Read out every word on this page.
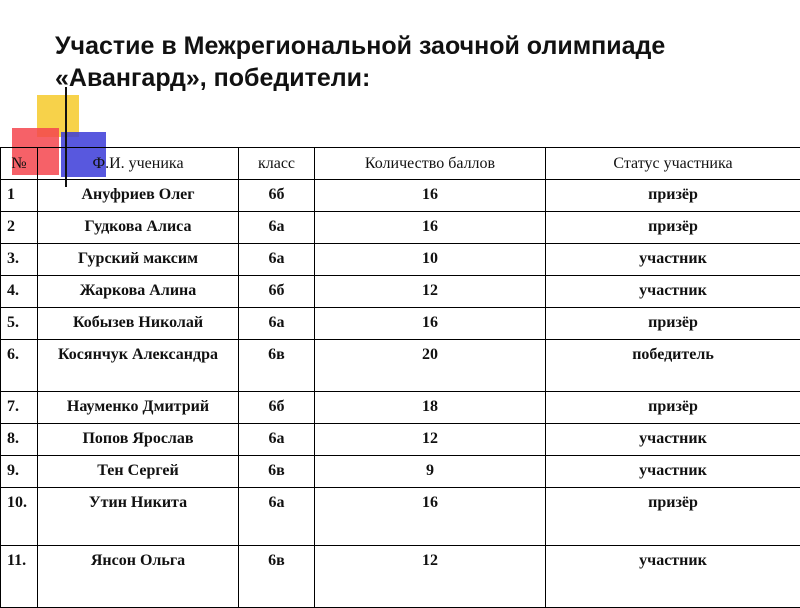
Участие в Межрегиональной заочной олимпиаде
«Авангард», победители:
№	Ф.И. ученика	класс	Количество баллов	Статус участника
1	Ануфриев Олег	6б	16	призёр
2	Гудкова Алиса	6а	16	призёр
3.	Гурский максим	6а	10	участник
4.	Жаркова Алина	6б	12	участник
5.	Кобызев Николай	6а	16	призёр
6.	Косянчук Александра	6в	20	победитель
7.	Науменко Дмитрий	6б	18	призёр
8.	Попов Ярослав	6а	12	участник
9.	Тен Сергей	6в	9	участник
10.	Утин Никита	6а	16	призёр
11.	Янсон Ольга	6в	12	участник
